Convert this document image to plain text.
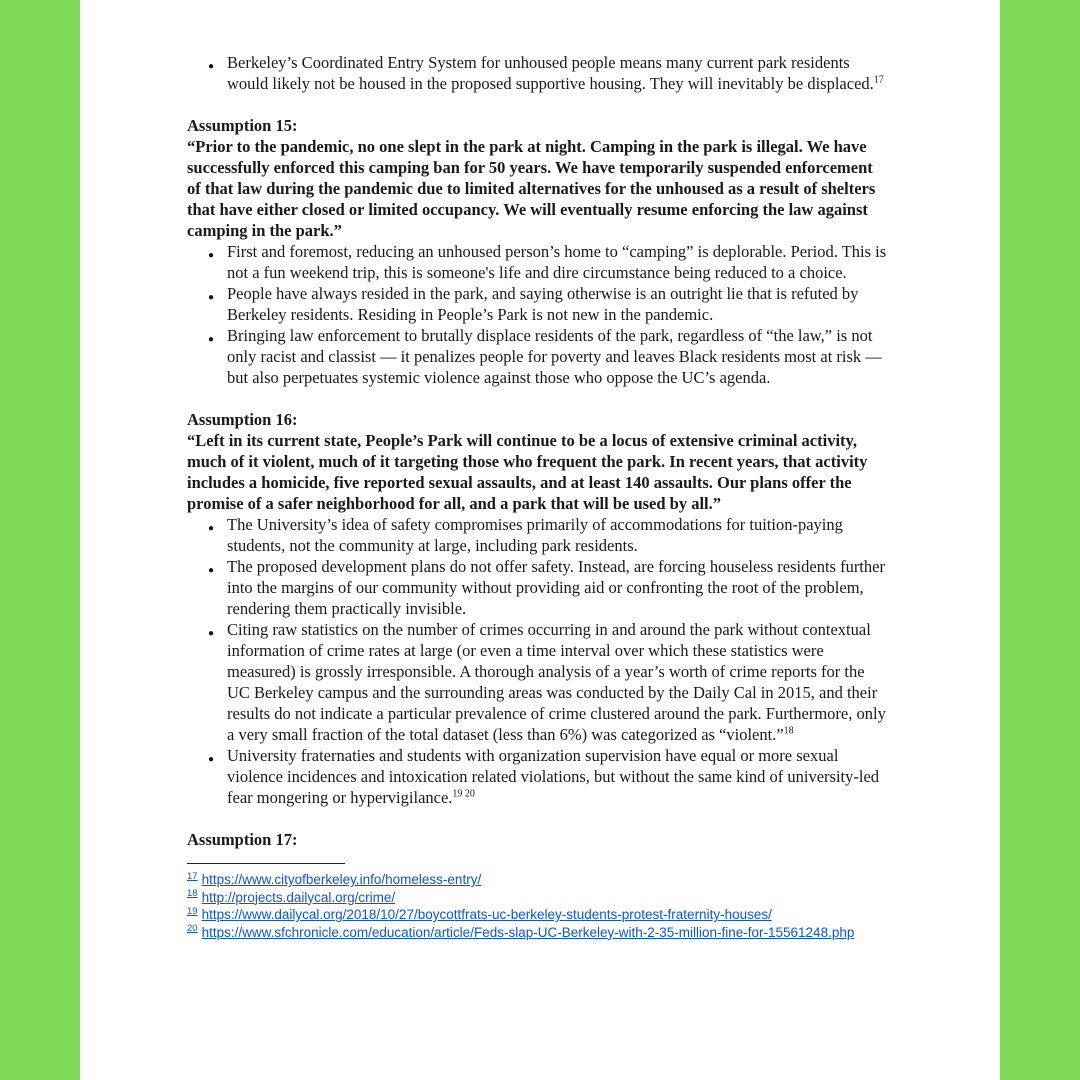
● Berkeley’s Coordinated Entry System for unhoused people means many current park residents would likely not be housed in the proposed supportive housing. They will inevitably be displaced.$^{17}$
Assumption 15:

“Prior to the pandemic, no one slept in the park at night. Camping in the park is illegal. We have successfully enforced this camping ban for 50 years. We have temporarily suspended enforcement of that law during the pandemic due to limited alternatives for the unhoused as a result of shelters that have either closed or limited occupancy. We will eventually resume enforcing the law against camping in the park.”

● First and foremost, reducing an unhoused person’s home to “camping” is deplorable. Period. This is not a fun weekend trip, this is someone's life and dire circumstance being reduced to a choice.
● People have always resided in the park, and saying otherwise is an outright lie that is refuted by Berkeley residents. Residing in People’s Park is not new in the pandemic.
● Bringing law enforcement to brutally displace residents of the park, regardless of “the law,” is not only racist and classist — it penalizes people for poverty and leaves Black residents most at risk — but also perpetuates systemic violence against those who oppose the UC’s agenda.
Assumption 16:

“Left in its current state, People’s Park will continue to be a locus of extensive criminal activity, much of it violent, much of it targeting those who frequent the park. In recent years, that activity includes a homicide, five reported sexual assaults, and at least 140 assaults. Our plans offer the promise of a safer neighborhood for all, and a park that will be used by all.”

● The University’s idea of safety compromises primarily of accommodations for tuition-paying students, not the community at large, including park residents.
● The proposed development plans do not offer safety. Instead, are forcing houseless residents further into the margins of our community without providing aid or confronting the root of the problem, rendering them practically invisible.
● Citing raw statistics on the number of crimes occurring in and around the park without contextual information of crime rates at large (or even a time interval over which these statistics were measured) is grossly irresponsible. A thorough analysis of a year’s worth of crime reports for the UC Berkeley campus and the surrounding areas was conducted by the Daily Cal in 2015, and their results do not indicate a particular prevalence of crime clustered around the park. Furthermore, only a very small fraction of the total dataset (less than 6%) was categorized as “violent.”$^{18}$
● University fraternaties and students with organization supervision have equal or more sexual violence incidences and intoxication related violations, but without the same kind of university-led fear mongering or hypervigilance.$^{19 20}$
Assumption 17:
$^{17}$ https://www.cityofberkeley.info/homeless-entry/
$^{18}$ http://projects.dailycal.org/crime/
$^{19}$ https://www.dailycal.org/2018/10/27/boycottfrats-uc-berkeley-students-protest-fraternity-houses/
$^{20}$ https://www.sfchronicle.com/education/article/Feds-slap-UC-Berkeley-with-2-35-million-fine-for-15561248.php
